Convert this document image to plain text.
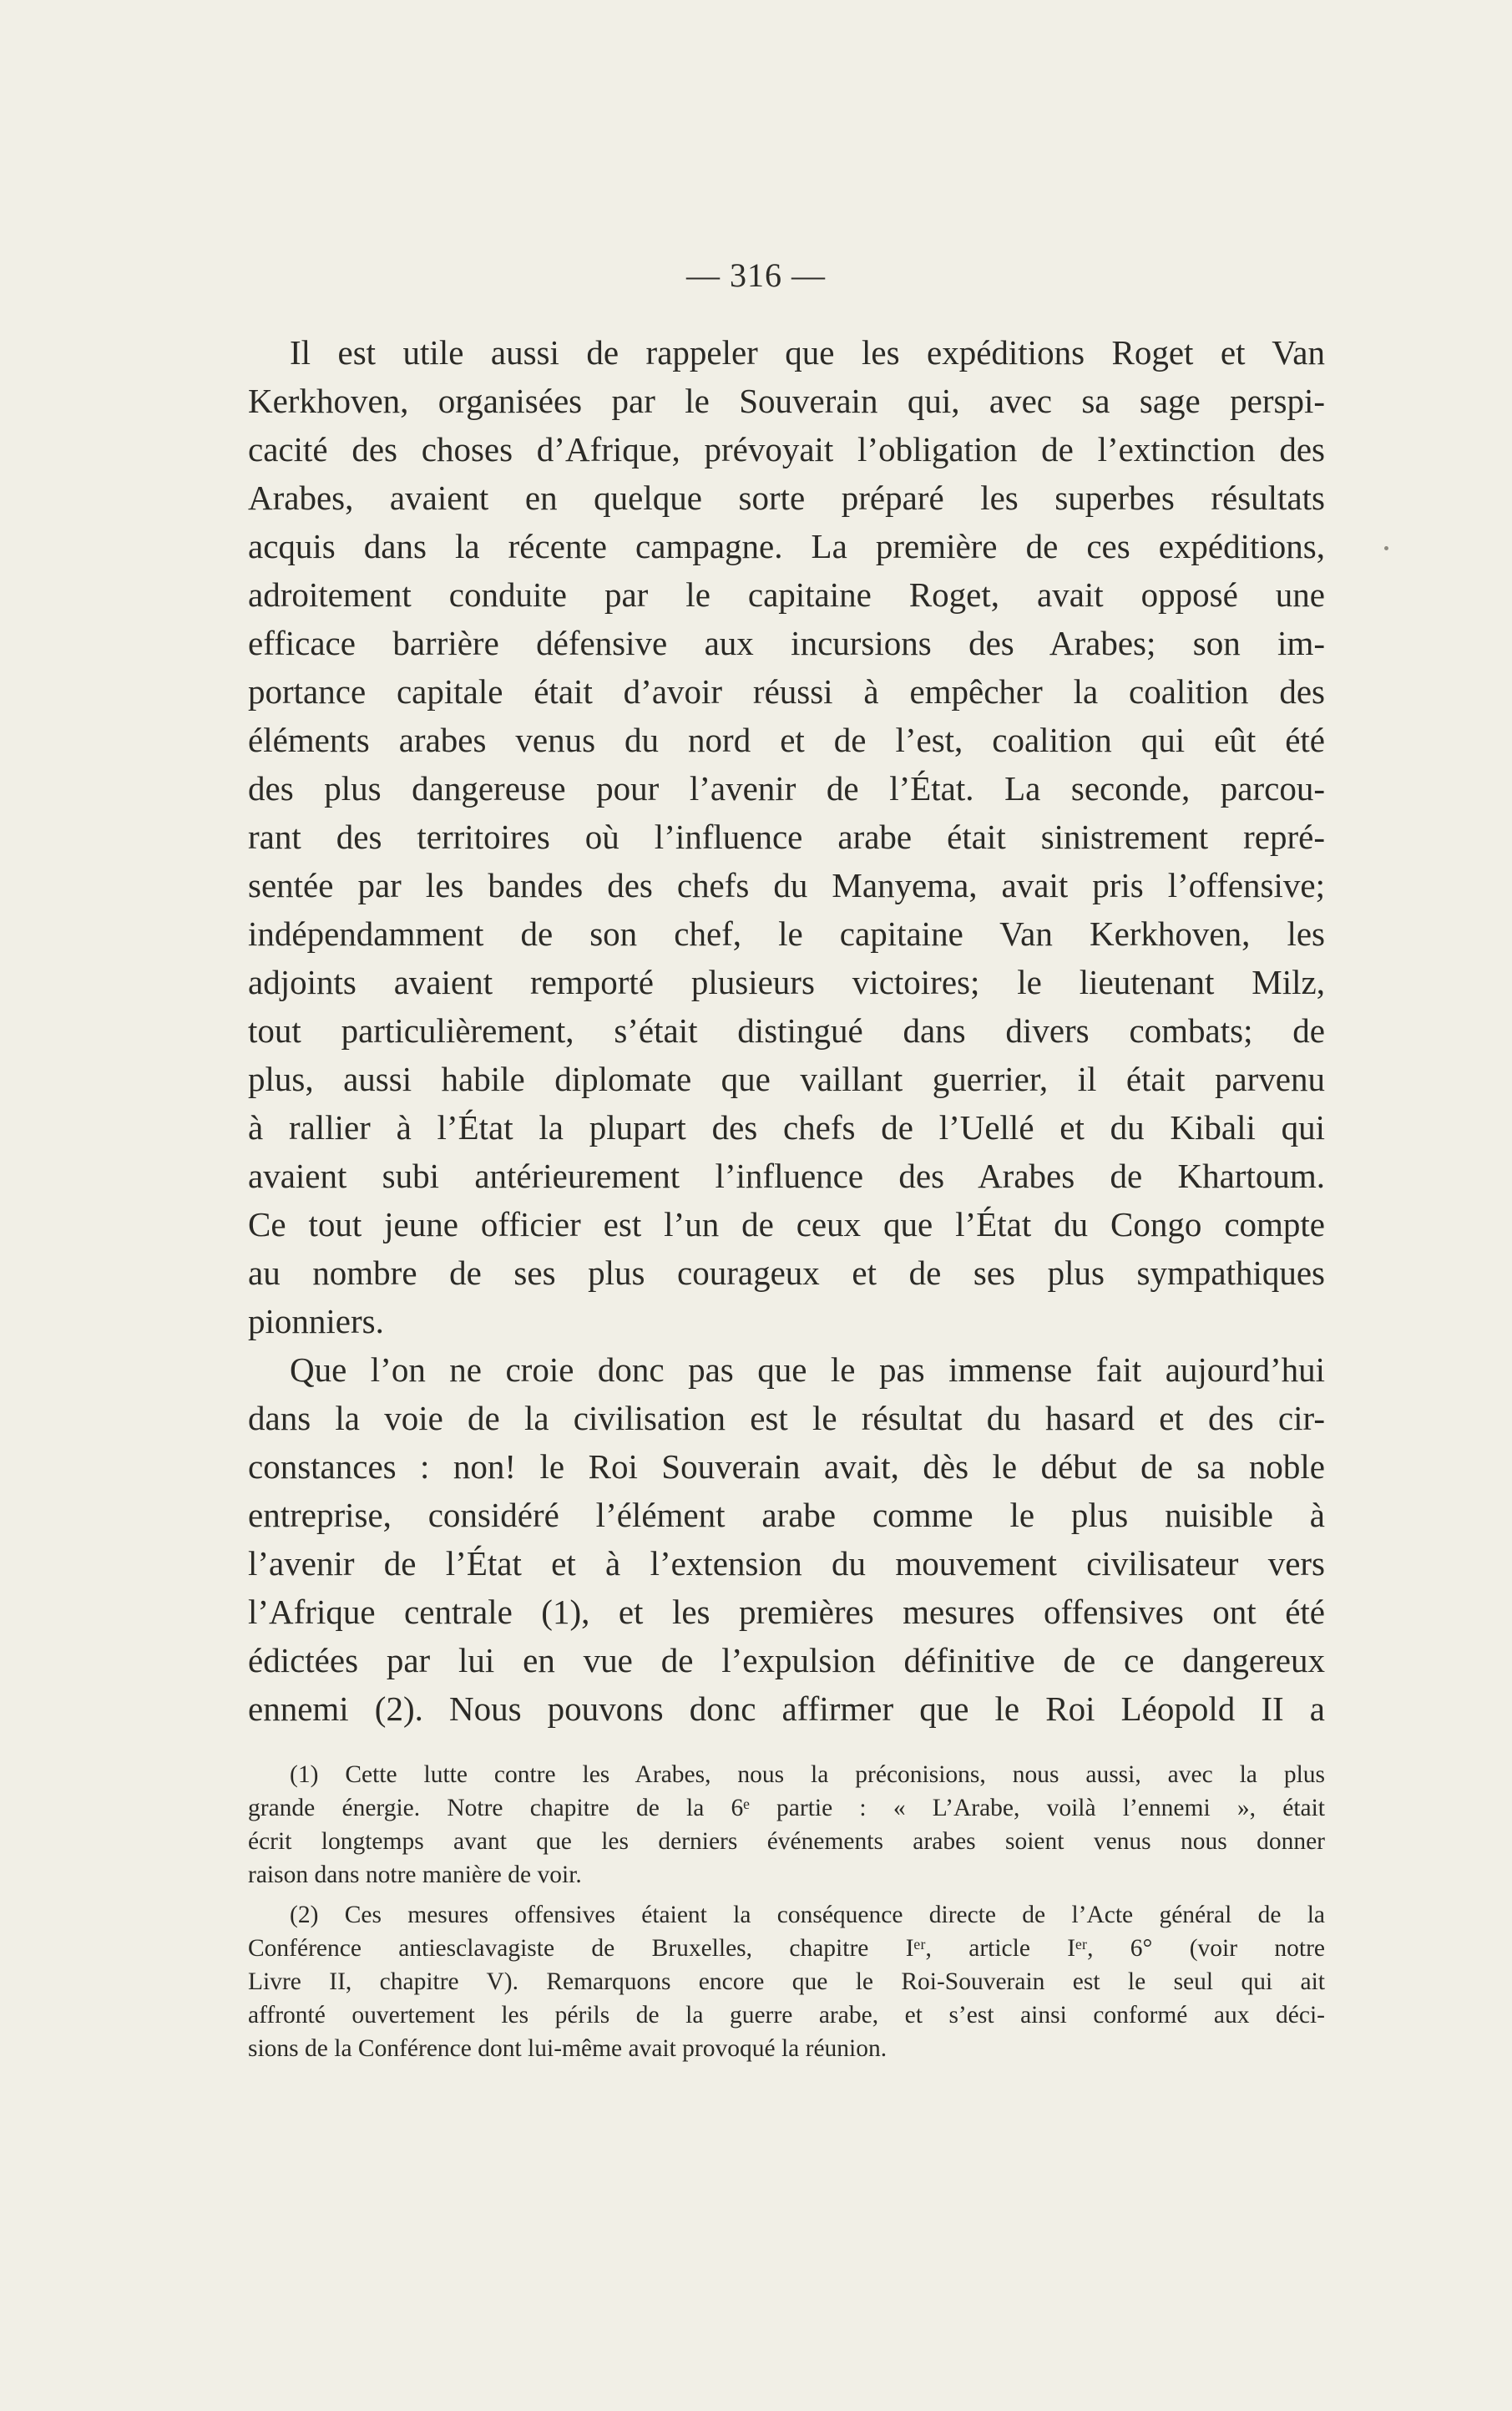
— 316 —
Il est utile aussi de rappeler que les expéditions Roget et Van
Kerkhoven, organisées par le Souverain qui, avec sa sage perspi-
cacité des choses d’Afrique, prévoyait l’obligation de l’extinction des
Arabes, avaient en quelque sorte préparé les superbes résultats
acquis dans la récente campagne. La première de ces expéditions,
adroitement conduite par le capitaine Roget, avait opposé une
efficace barrière défensive aux incursions des Arabes; son im-
portance capitale était d’avoir réussi à empêcher la coalition des
éléments arabes venus du nord et de l’est, coalition qui eût été
des plus dangereuse pour l’avenir de l’État. La seconde, parcou-
rant des territoires où l’influence arabe était sinistrement repré-
sentée par les bandes des chefs du Manyema, avait pris l’offensive;
indépendamment de son chef, le capitaine Van Kerkhoven, les
adjoints avaient remporté plusieurs victoires; le lieutenant Milz,
tout particulièrement, s’était distingué dans divers combats; de
plus, aussi habile diplomate que vaillant guerrier, il était parvenu
à rallier à l’État la plupart des chefs de l’Uellé et du Kibali qui
avaient subi antérieurement l’influence des Arabes de Khartoum.
Ce tout jeune officier est l’un de ceux que l’État du Congo compte
au nombre de ses plus courageux et de ses plus sympathiques
pionniers.
Que l’on ne croie donc pas que le pas immense fait aujourd’hui
dans la voie de la civilisation est le résultat du hasard et des cir-
constances : non! le Roi Souverain avait, dès le début de sa noble
entreprise, considéré l’élément arabe comme le plus nuisible à
l’avenir de l’État et à l’extension du mouvement civilisateur vers
l’Afrique centrale (1), et les premières mesures offensives ont été
édictées par lui en vue de l’expulsion définitive de ce dangereux
ennemi (2). Nous pouvons donc affirmer que le Roi Léopold II a
(1) Cette lutte contre les Arabes, nous la préconisions, nous aussi, avec la plus
grande énergie. Notre chapitre de la 6ᵉ partie : « L’Arabe, voilà l’ennemi », était
écrit longtemps avant que les derniers événements arabes soient venus nous donner
raison dans notre manière de voir.
(2) Ces mesures offensives étaient la conséquence directe de l’Acte général de la
Conférence antiesclavagiste de Bruxelles, chapitre Iᵉʳ, article Iᵉʳ, 6° (voir notre
Livre II, chapitre V). Remarquons encore que le Roi-Souverain est le seul qui ait
affronté ouvertement les périls de la guerre arabe, et s’est ainsi conformé aux déci-
sions de la Conférence dont lui-même avait provoqué la réunion.
